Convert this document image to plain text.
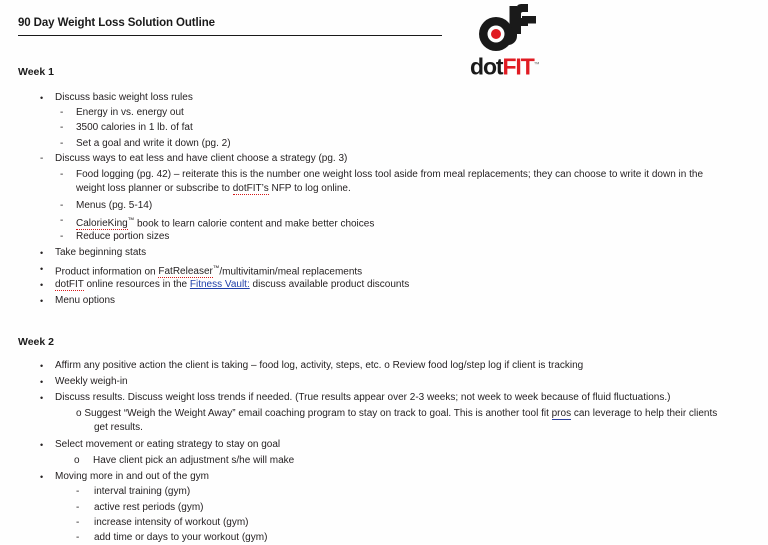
90 Day Weight Loss Solution Outline
dotFIT™
Week 1
•	Discuss basic weight loss rules
-	Energy in vs. energy out
-	3500 calories in 1 lb. of fat
-	Set a goal and write it down (pg. 2)
-	Discuss ways to eat less and have client choose a strategy (pg. 3)
-	Food logging (pg. 42) – reiterate this is the number one weight loss tool aside from meal replacements; they can choose to write it down in the
weight loss planner or subscribe to dotFIT’s NFP to log online.
-	Menus (pg. 5-14)
-	CalorieKing™ book to learn calorie content and make better choices
-	Reduce portion sizes
•	Take beginning stats
•	Product information on FatReleaser™/multivitamin/meal replacements
•	dotFIT online resources in the Fitness Vault: discuss available product discounts
•	Menu options
Week 2
•	Affirm any positive action the client is taking – food log, activity, steps, etc. o Review food log/step log if client is tracking
•	Weekly weigh-in
•	Discuss results. Discuss weight loss trends if needed. (True results appear over 2-3 weeks; not week to week because of fluid fluctuations.)
o Suggest “Weigh the Weight Away” email coaching program to stay on track to goal. This is another tool fit pros can leverage to help their clients
get results.
•	Select movement or eating strategy to stay on goal
o	Have client pick an adjustment s/he will make
•	Moving more in and out of the gym
-	interval training (gym)
-	active rest periods (gym)
-	increase intensity of workout (gym)
-	add time or days to your workout (gym)
